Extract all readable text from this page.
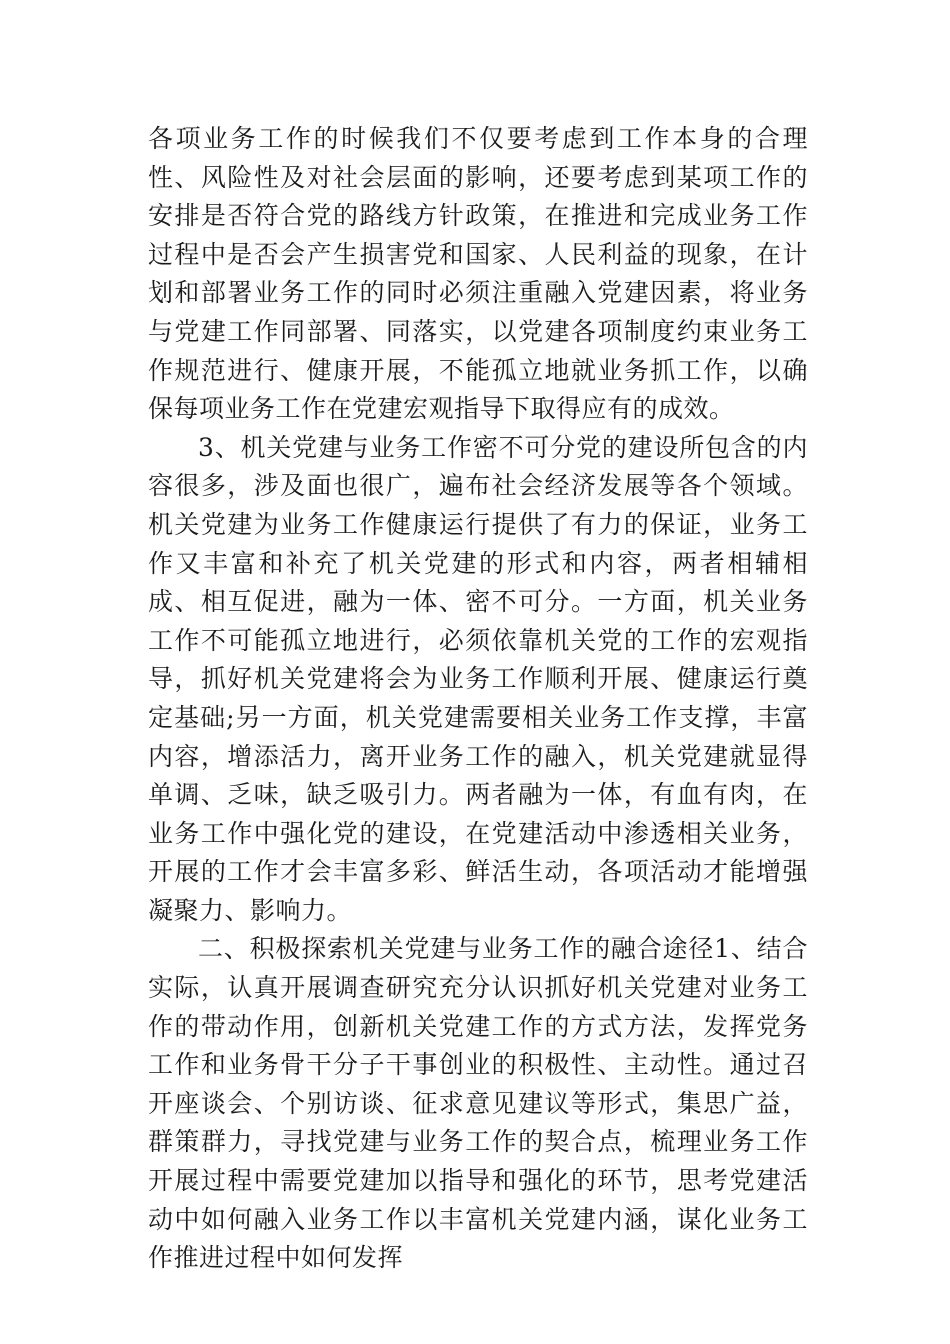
各项业务工作的时候我们不仅要考虑到工作本身的合理性、风险性及对社会层面的影响，还要考虑到某项工作的安排是否符合党的路线方针政策，在推进和完成业务工作过程中是否会产生损害党和国家、人民利益的现象，在计划和部署业务工作的同时必须注重融入党建因素，将业务与党建工作同部署、同落实，以党建各项制度约束业务工作规范进行、健康开展，不能孤立地就业务抓工作，以确保每项业务工作在党建宏观指导下取得应有的成效。

3、机关党建与业务工作密不可分党的建设所包含的内容很多，涉及面也很广，遍布社会经济发展等各个领域。机关党建为业务工作健康运行提供了有力的保证，业务工作又丰富和补充了机关党建的形式和内容，两者相辅相成、相互促进，融为一体、密不可分。一方面，机关业务工作不可能孤立地进行，必须依靠机关党的工作的宏观指导，抓好机关党建将会为业务工作顺利开展、健康运行奠定基础;另一方面，机关党建需要相关业务工作支撑，丰富内容，增添活力，离开业务工作的融入，机关党建就显得单调、乏味，缺乏吸引力。两者融为一体，有血有肉，在业务工作中强化党的建设，在党建活动中渗透相关业务，开展的工作才会丰富多彩、鲜活生动，各项活动才能增强凝聚力、影响力。

二、积极探索机关党建与业务工作的融合途径1、结合实际，认真开展调查研究充分认识抓好机关党建对业务工作的带动作用，创新机关党建工作的方式方法，发挥党务工作和业务骨干分子干事创业的积极性、主动性。通过召开座谈会、个别访谈、征求意见建议等形式，集思广益，群策群力，寻找党建与业务工作的契合点，梳理业务工作开展过程中需要党建加以指导和强化的环节，思考党建活动中如何融入业务工作以丰富机关党建内涵，谋化业务工作推进过程中如何发挥
